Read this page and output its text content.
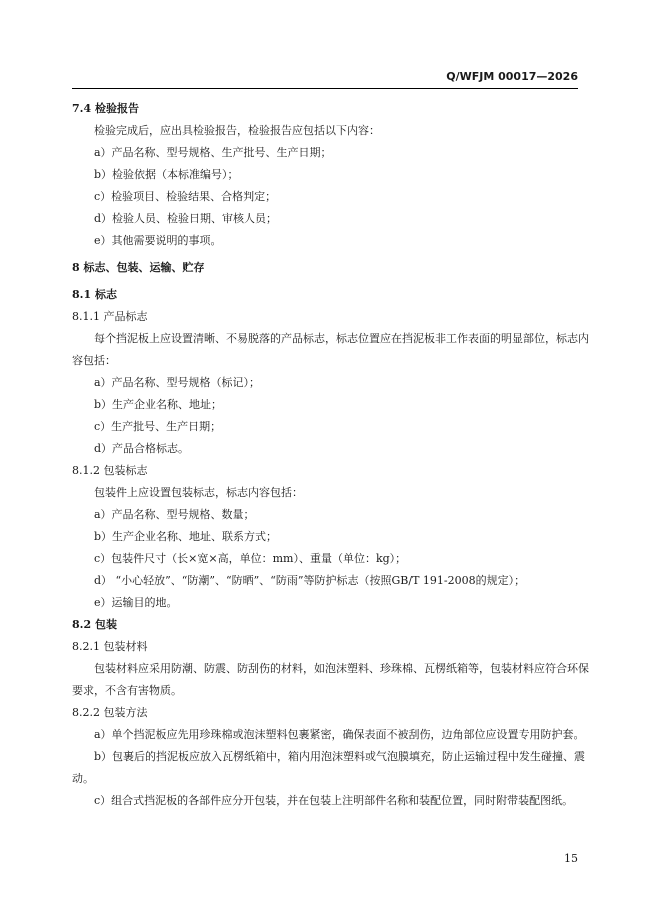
Q/WFJM 00017—2026
7.4 检验报告
检验完成后，应出具检验报告，检验报告应包括以下内容：
a）产品名称、型号规格、生产批号、生产日期；
b）检验依据（本标准编号）；
c）检验项目、检验结果、合格判定；
d）检验人员、检验日期、审核人员；
e）其他需要说明的事项。
8 标志、包装、运输、贮存
8.1 标志
8.1.1 产品标志
每个挡泥板上应设置清晰、不易脱落的产品标志，标志位置应在挡泥板非工作表面的明显部位，标志内容包括：
a）产品名称、型号规格（标记）；
b）生产企业名称、地址；
c）生产批号、生产日期；
d）产品合格标志。
8.1.2 包装标志
包装件上应设置包装标志，标志内容包括：
a）产品名称、型号规格、数量；
b）生产企业名称、地址、联系方式；
c）包装件尺寸（长×宽×高，单位：mm）、重量（单位：kg）；
d） “小心轻放”、“防潮”、“防晒”、“防雨”等防护标志（按照GB/T 191-2008的规定）；
e）运输目的地。
8.2 包装
8.2.1 包装材料
包装材料应采用防潮、防震、防刮伤的材料，如泡沫塑料、珍珠棉、瓦楞纸箱等，包装材料应符合环保要求，不含有害物质。
8.2.2 包装方法
a）单个挡泥板应先用珍珠棉或泡沫塑料包裹紧密，确保表面不被刮伤，边角部位应设置专用防护套。
b）包裹后的挡泥板应放入瓦楞纸箱中，箱内用泡沫塑料或气泡膜填充，防止运输过程中发生碰撞、震动。
c）组合式挡泥板的各部件应分开包装，并在包装上注明部件名称和装配位置，同时附带装配图纸。
15
